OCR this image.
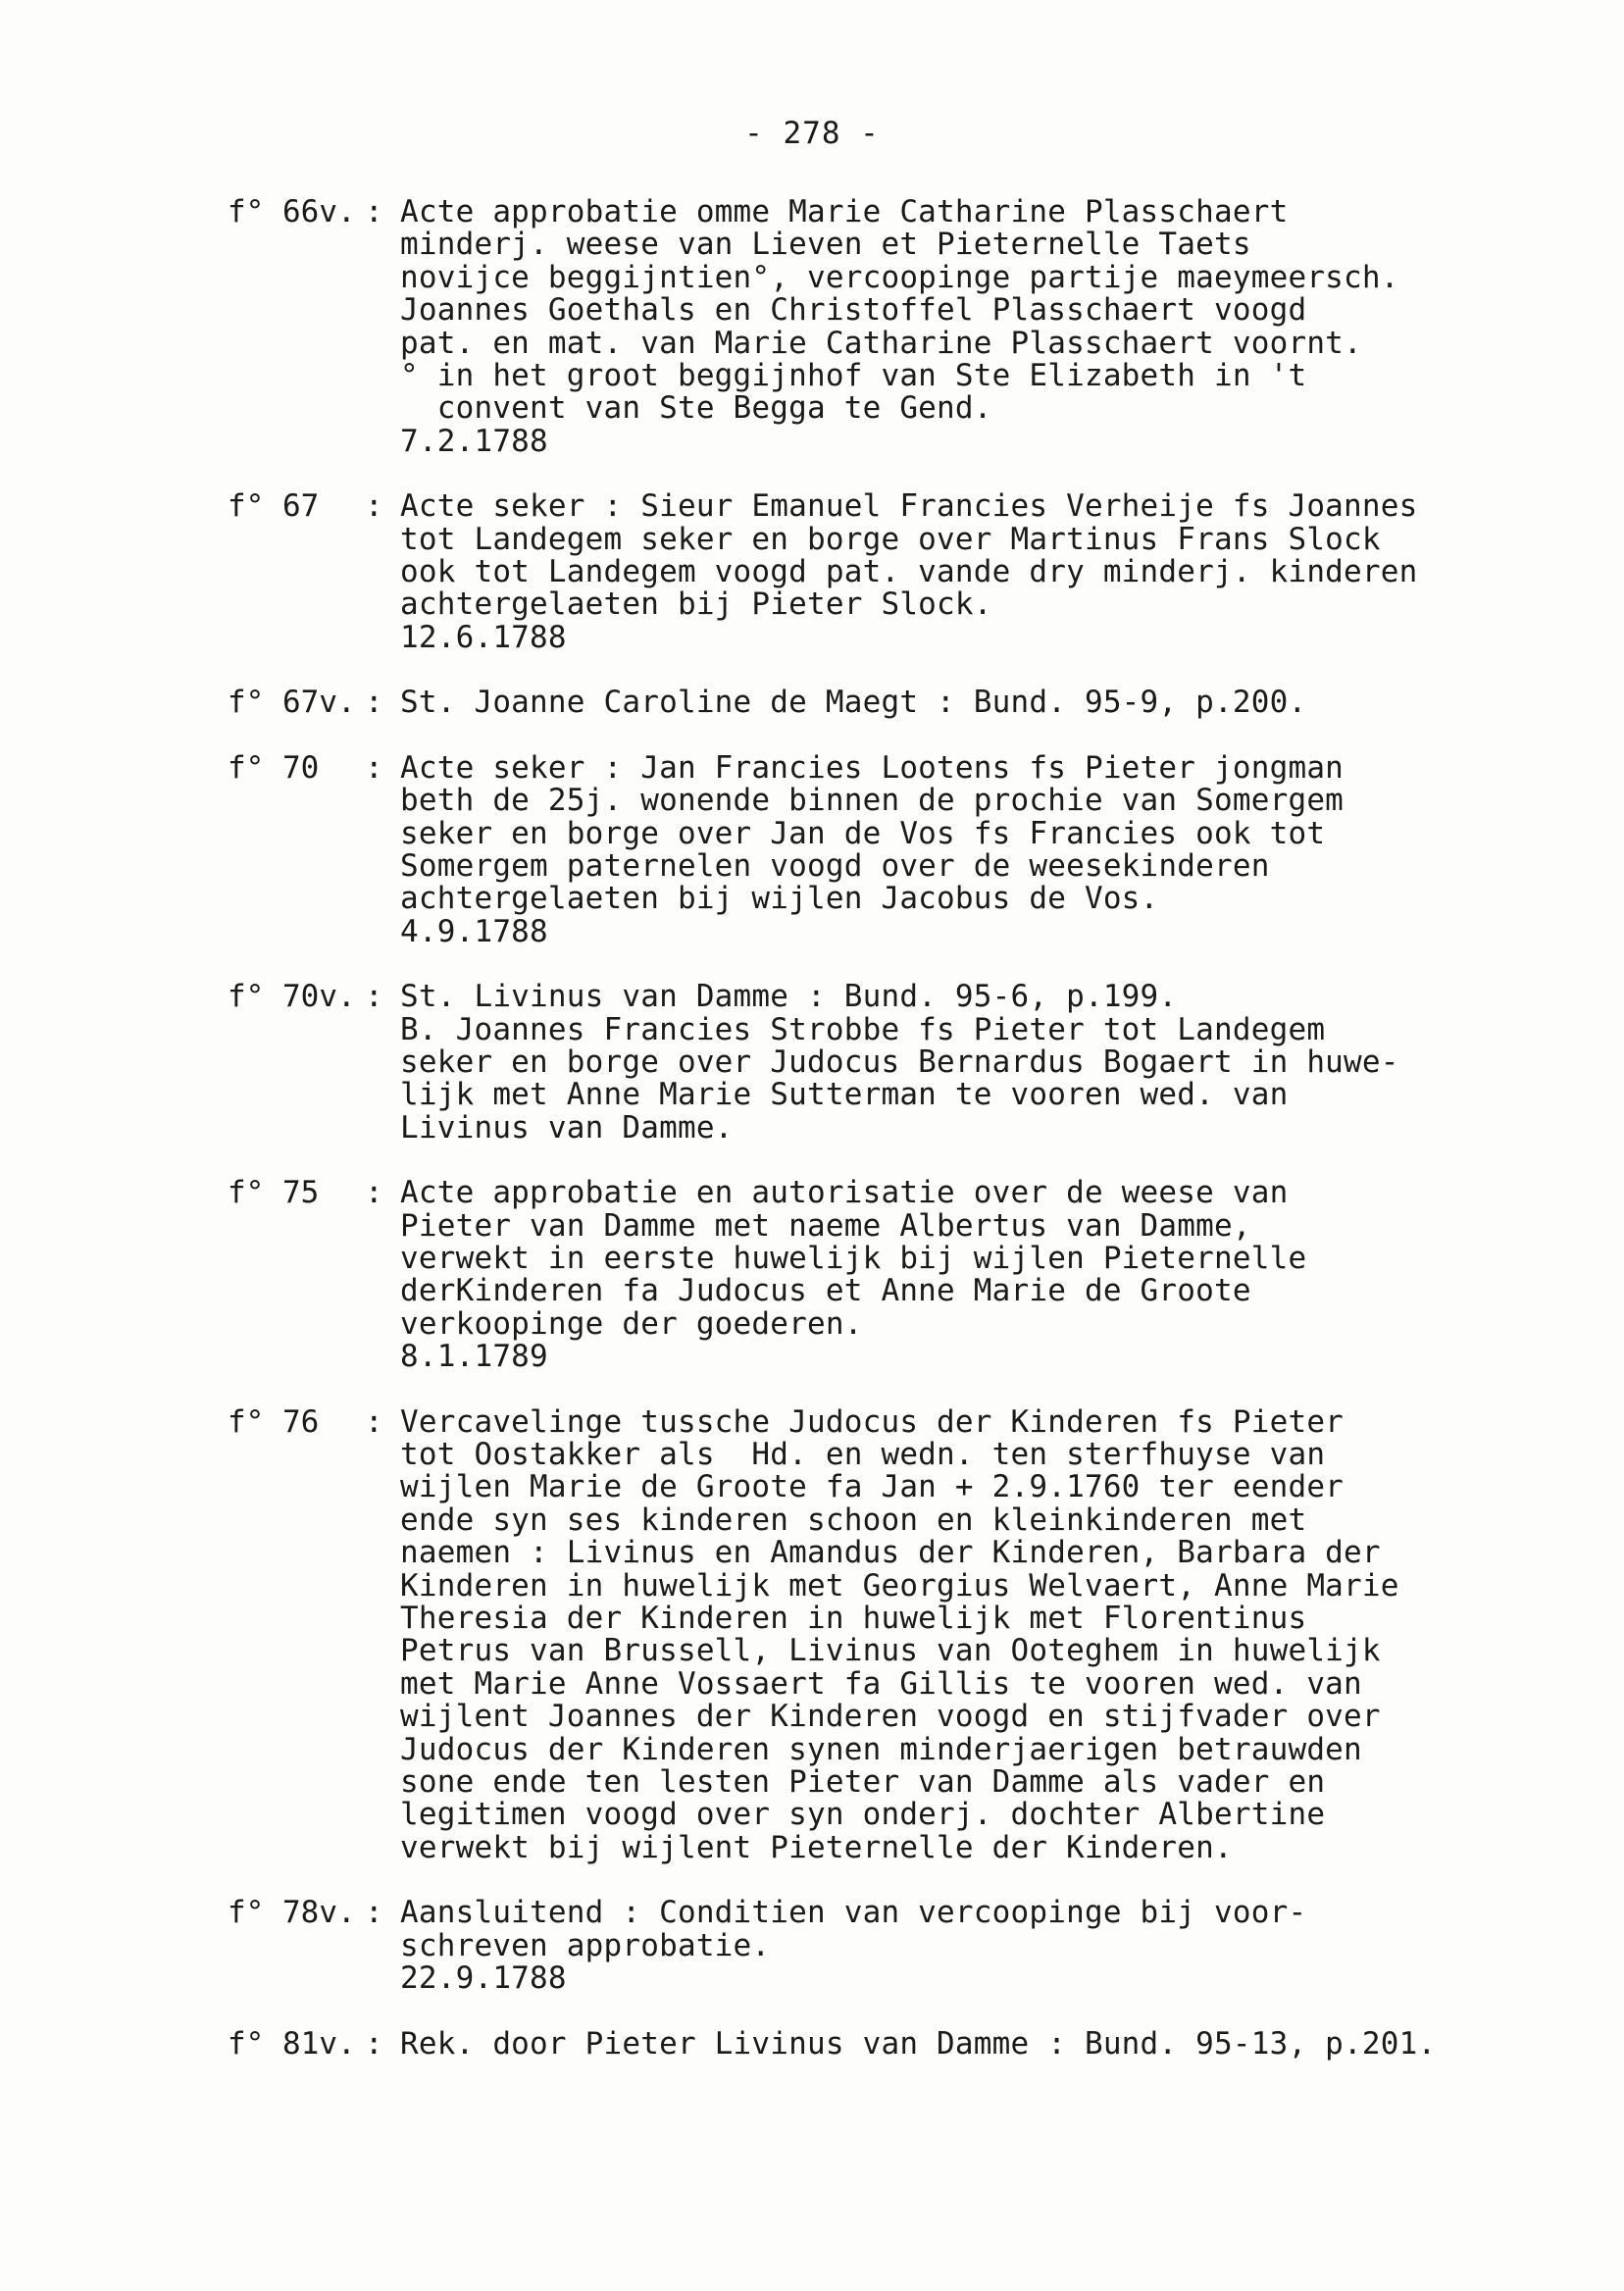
- 278 -
f° 66v. : Acte approbatie omme Marie Catharine Plasschaert
minderj. weese van Lieven et Pieternelle Taets
novijce beggijntien°, vercoopinge partije maeymeersch.
Joannes Goethals en Christoffel Plasschaert voogd
pat. en mat. van Marie Catharine Plasschaert voornt.
° in het groot beggijnhof van Ste Elizabeth in 't
convent van Ste Begga te Gend.
7.2.1788
f° 67	: Acte seker : Sieur Emanuel Francies Verheije fs Joannes
tot Landegem seker en borge over Martinus Frans Slock
ook tot Landegem voogd pat. vande dry minderj. kinderen
achtergelaeten bij Pieter Slock.
12.6.1788
f° 67v. : St. Joanne Caroline de Maegt : Bund. 95-9, p.200.
f° 70	: Acte seker : Jan Francies Lootens fs Pieter jongman
beth de 25j. wonende binnen de prochie van Somergem
seker en borge over Jan de Vos fs Francies ook tot
Somergem paternelen voogd over de weesekinderen
achtergelaeten bij wijlen Jacobus de Vos.
4.9.1788
f° 70v. : St. Livinus van Damme : Bund. 95-6, p.199.
B. Joannes Francies Strobbe fs Pieter tot Landegem
seker en borge over Judocus Bernardus Bogaert in huwe-
lijk met Anne Marie Sutterman te vooren wed. van
Livinus van Damme.
f° 75	: Acte approbatie en autorisatie over de weese van
Pieter van Damme met naeme Albertus van Damme,
verwekt in eerste huwelijk bij wijlen Pieternelle
derKinderen fa Judocus et Anne Marie de Groote
verkoopinge der goederen.
8.1.1789
f° 76	: Vercavelinge tussche Judocus der Kinderen fs Pieter
tot Oostakker als  Hd. en wedn. ten sterfhuyse van
wijlen Marie de Groote fa Jan + 2.9.1760 ter eender
ende syn ses kinderen schoon en kleinkinderen met
naemen : Livinus en Amandus der Kinderen, Barbara der
Kinderen in huwelijk met Georgius Welvaert, Anne Marie
Theresia der Kinderen in huwelijk met Florentinus
Petrus van Brussell, Livinus van Ooteghem in huwelijk
met Marie Anne Vossaert fa Gillis te vooren wed. van
wijlent Joannes der Kinderen voogd en stijfvader over
Judocus der Kinderen synen minderjaerigen betrauwden
sone ende ten lesten Pieter van Damme als vader en
legitimen voogd over syn onderj. dochter Albertine
verwekt bij wijlent Pieternelle der Kinderen.
f° 78v. : Aansluitend : Conditien van vercoopinge bij voor-
schreven approbatie.
22.9.1788
f° 81v. : Rek. door Pieter Livinus van Damme : Bund. 95-13, p.201.
